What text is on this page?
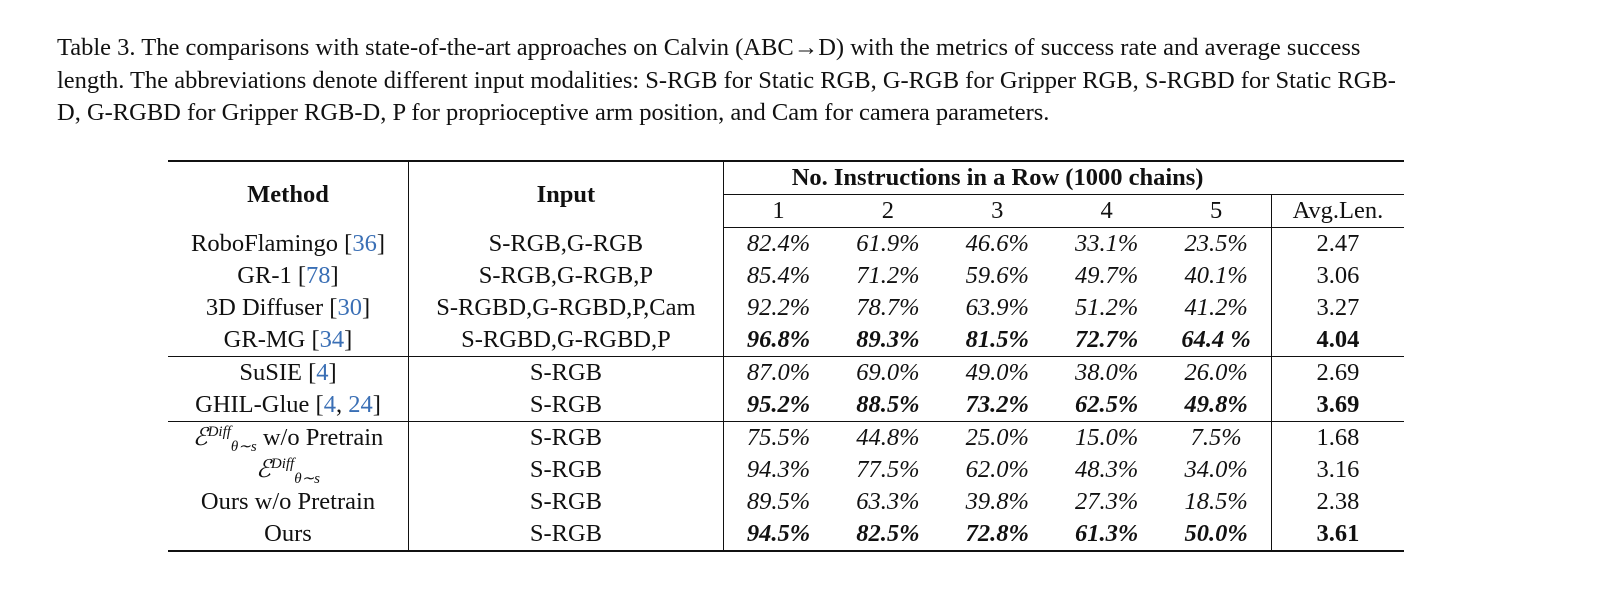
Table 3. The comparisons with state-of-the-art approaches on Calvin (ABC→D) with the metrics of success rate and average success
length. The abbreviations denote different input modalities: S-RGB for Static RGB, G-RGB for Gripper RGB, S-RGBD for Static RGB-
D, G-RGBD for Gripper RGB-D, P for proprioceptive arm position, and Cam for camera parameters.
Method	Input	No. Instructions in a Row (1000 chains)					
		1	2	3	4	5	Avg.Len.
RoboFlamingo [36]	S-RGB,G-RGB	82.4%	61.9%	46.6%	33.1%	23.5%	2.47
GR-1 [78]	S-RGB,G-RGB,P	85.4%	71.2%	59.6%	49.7%	40.1%	3.06
3D Diffuser [30]	S-RGBD,G-RGBD,P,Cam	92.2%	78.7%	63.9%	51.2%	41.2%	3.27
GR-MG [34]	S-RGBD,G-RGBD,P	96.8%	89.3%	81.5%	72.7%	64.4 %	4.04
SuSIE [4]	S-RGB	87.0%	69.0%	49.0%	38.0%	26.0%	2.69
GHIL-Glue [4, 24]	S-RGB	95.2%	88.5%	73.2%	62.5%	49.8%	3.69
ℰ$^{Diff}_{\theta\sim s}$ w/o Pretrain	S-RGB	75.5%	44.8%	25.0%	15.0%	7.5%	1.68
ℰ$^{Diff}_{\theta\sim s}$	S-RGB	94.3%	77.5%	62.0%	48.3%	34.0%	3.16
Ours w/o Pretrain	S-RGB	89.5%	63.3%	39.8%	27.3%	18.5%	2.38
Ours	S-RGB	94.5%	82.5%	72.8%	61.3%	50.0%	3.61
